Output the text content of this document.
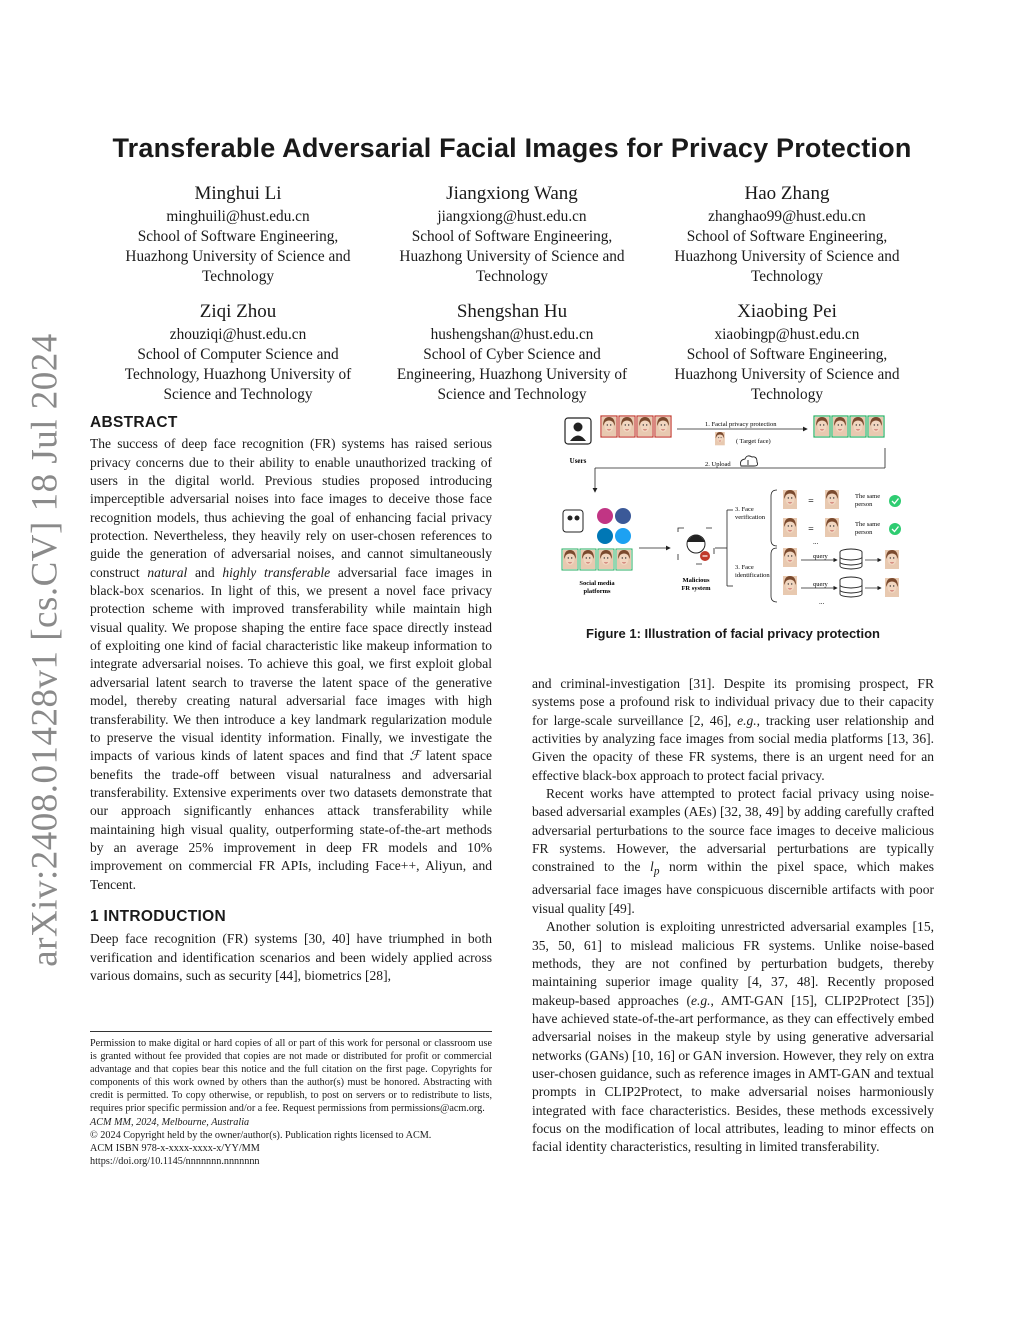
arXiv:2408.01428v1 [cs.CV] 18 Jul 2024
Transferable Adversarial Facial Images for Privacy Protection
Minghui Li
minghuili@hust.edu.cn
School of Software Engineering,
Huazhong University of Science and
Technology
Jiangxiong Wang
jiangxiong@hust.edu.cn
School of Software Engineering,
Huazhong University of Science and
Technology
Hao Zhang
zhanghao99@hust.edu.cn
School of Software Engineering,
Huazhong University of Science and
Technology
Ziqi Zhou
zhouziqi@hust.edu.cn
School of Computer Science and
Technology, Huazhong University of
Science and Technology
Shengshan Hu
hushengshan@hust.edu.cn
School of Cyber Science and
Engineering, Huazhong University of
Science and Technology
Xiaobing Pei
xiaobingp@hust.edu.cn
School of Software Engineering,
Huazhong University of Science and
Technology
ABSTRACT

The success of deep face recognition (FR) systems has raised serious privacy concerns due to their ability to enable unauthorized tracking of users in the digital world. Previous studies proposed introducing imperceptible adversarial noises into face images to deceive those face recognition models, thus achieving the goal of enhancing facial privacy protection. Nevertheless, they heavily rely on user-chosen references to guide the generation of adversarial noises, and cannot simultaneously construct natural and highly transferable adversarial face images in black-box scenarios. In light of this, we present a novel face privacy protection scheme with improved transferability while maintain high visual quality. We propose shaping the entire face space directly instead of exploiting one kind of facial characteristic like makeup information to integrate adversarial noises. To achieve this goal, we first exploit global adversarial latent search to traverse the latent space of the generative model, thereby creating natural adversarial face images with high transferability. We then introduce a key landmark regularization module to preserve the visual identity information. Finally, we investigate the impacts of various kinds of latent spaces and find that ℱ latent space benefits the trade-off between visual naturalness and adversarial transferability. Extensive experiments over two datasets demonstrate that our approach significantly enhances attack transferability while maintaining high visual quality, outperforming state-of-the-art methods by an average 25% improvement in deep FR models and 10% improvement on commercial FR APIs, including Face++, Aliyun, and Tencent.

1 INTRODUCTION

Deep face recognition (FR) systems [30, 40] have triumphed in both verification and identification scenarios and been widely applied across various domains, such as security [44], biometrics [28],

Permission to make digital or hard copies of all or part of this work for personal or classroom use is granted without fee provided that copies are not made or distributed for profit or commercial advantage and that copies bear this notice and the full citation on the first page. Copyrights for components of this work owned by others than the author(s) must be honored. Abstracting with credit is permitted. To copy otherwise, or republish, to post on servers or to redistribute to lists, requires prior specific permission and/or a fee. Request permissions from permissions@acm.org.

ACM MM, 2024, Melbourne, Australia

© 2024 Copyright held by the owner/author(s). Publication rights licensed to ACM.

ACM ISBN 978-x-xxxx-xxxx-x/YY/MM

https://doi.org/10.1145/nnnnnnn.nnnnnnn

Users
1. Facial privacy protection
( Target face)
2. Upload
Social media
platforms
Malicious
FR system
3. Face
verification
3. Face
identification
=	The same
person
=	The same
person
...
query
query
...
Figure 1: Illustration of facial privacy protection

and criminal-investigation [31]. Despite its promising prospect, FR systems pose a profound risk to individual privacy due to their capacity for large-scale surveillance [2, 46], e.g., tracking user relationship and activities by analyzing face images from social media platforms [13, 36]. Given the opacity of these FR systems, there is an urgent need for an effective black-box approach to protect facial privacy.

Recent works have attempted to protect facial privacy using noise-based adversarial examples (AEs) [32, 38, 49] by adding carefully crafted adversarial perturbations to the source face images to deceive malicious FR systems. However, the adversarial perturbations are typically constrained to the $l_p$ norm within the pixel space, which makes adversarial face images have conspicuous discernible artifacts with poor visual quality [49].

Another solution is exploiting unrestricted adversarial examples [15, 35, 50, 61] to mislead malicious FR systems. Unlike noise-based methods, they are not confined by perturbation budgets, thereby maintaining superior image quality [4, 37, 48]. Recently proposed makeup-based approaches (e.g., AMT-GAN [15], CLIP2Protect [35]) have achieved state-of-the-art performance, as they can effectively embed adversarial noises in the makeup style by using generative adversarial networks (GANs) [10, 16] or GAN inversion. However, they rely on extra user-chosen guidance, such as reference images in AMT-GAN and textual prompts in CLIP2Protect, to make adversarial noises harmoniously integrated with face characteristics. Besides, these methods excessively focus on the modification of local attributes, leading to minor effects on facial identity characteristics, resulting in limited transferability.
